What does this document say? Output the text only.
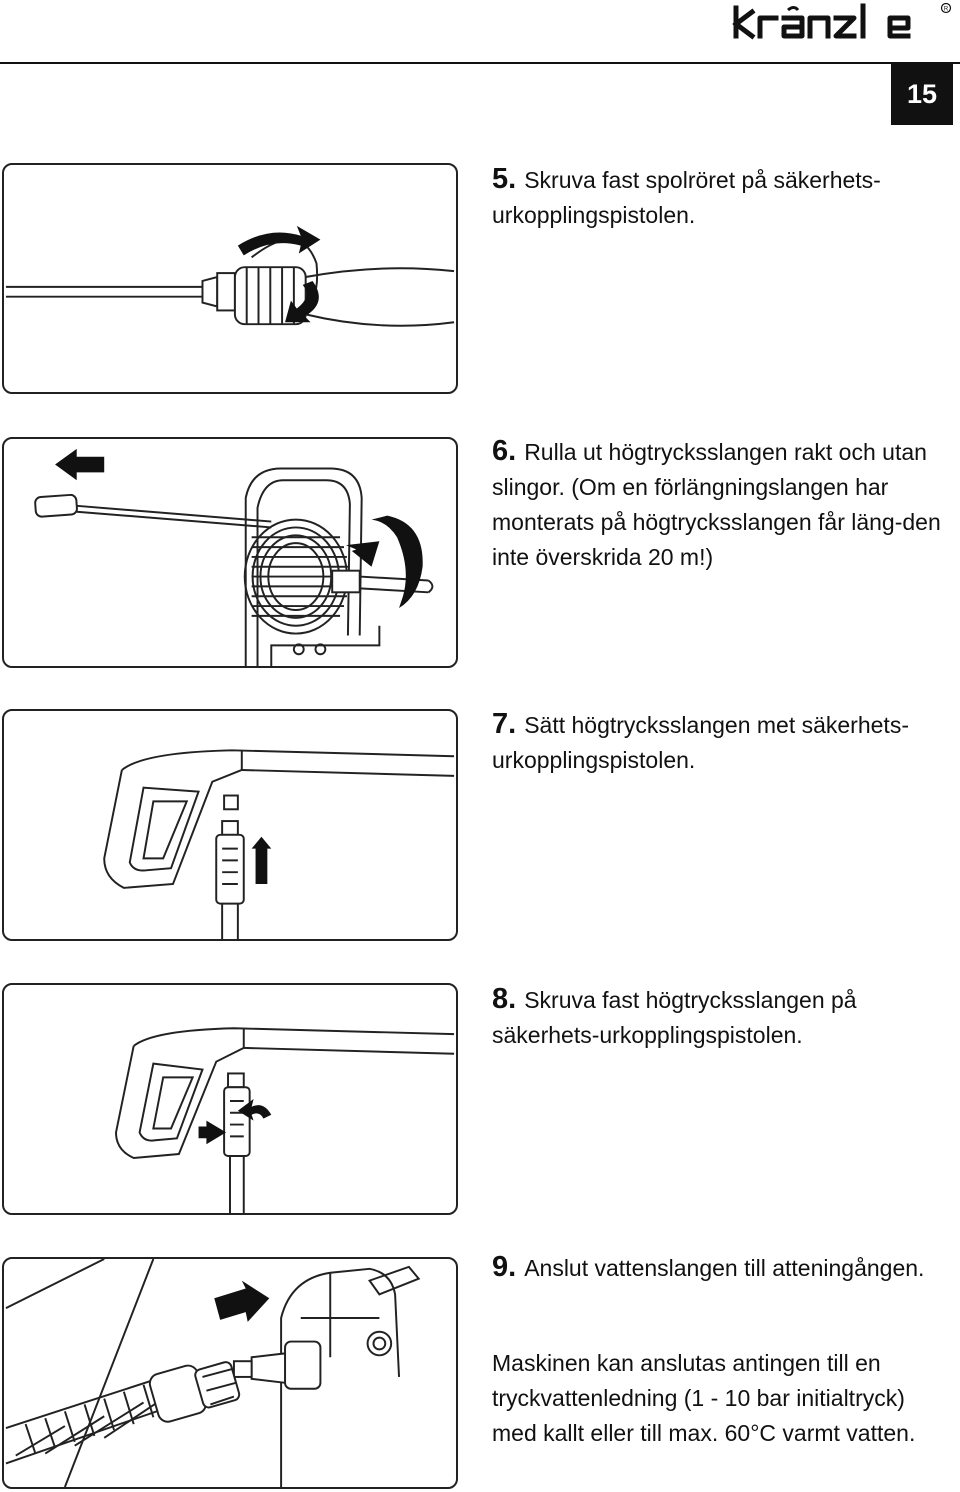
R
15
5. Skruva fast spolröret på säkerhets-urkopplingspistolen.
6. Rulla ut högtrycksslangen rakt och utan slingor. (Om en förlängningslangen har monterats på högtrycksslangen får läng-den inte överskrida 20 m!)
7. Sätt högtrycksslangen met säkerhets-urkopplingspistolen.
8. Skruva fast högtrycksslangen på säkerhets-urkopplingspistolen.
9. Anslut vattenslangen till atteningången.
Maskinen kan anslutas antingen till en tryckvattenledning (1 - 10 bar initialtryck) med kallt eller till max. 60°C varmt vatten.
